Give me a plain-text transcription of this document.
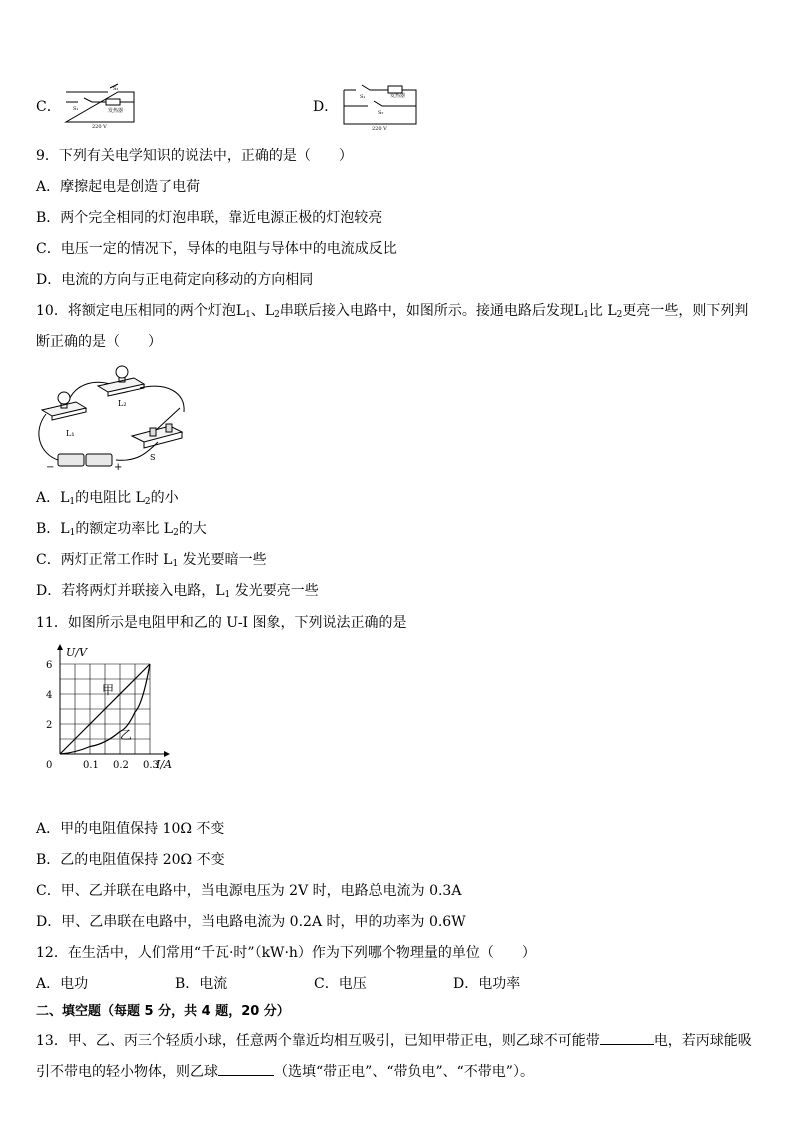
C． S₁
S₂
发热器
220 V
D．
S₁	发热器
S₂
220 V
9．下列有关电学知识的说法中，正确的是（　　）
A．摩擦起电是创造了电荷
B．两个完全相同的灯泡串联，靠近电源正极的灯泡较亮
C．电压一定的情况下，导体的电阻与导体中的电流成反比
D．电流的方向与正电荷定向移动的方向相同
10．将额定电压相同的两个灯泡$L_1$、$L_2$串联后接入电路中，如图所示。接通电路后发现$L_1$比 $L_2$更亮一些，则下列判
断正确的是（　　）
L₁
L₂
S
−	+
A．$L_1$的电阻比 $L_2$的小
B．$L_1$的额定功率比 $L_2$的大
C．两灯正常工作时 $L_1$ 发光要暗一些
D．若将两灯并联接入电路，$L_1$ 发光要亮一些
11．如图所示是电阻甲和乙的 U-I 图象，下列说法正确的是
甲
乙
0.1 0.2 0.3
2
4
6
0	I/A
U/V
A．甲的电阻值保持 10Ω 不变
B．乙的电阻值保持 20Ω 不变
C．甲、乙并联在电路中，当电源电压为 2V 时，电路总电流为 0.3A
D．甲、乙串联在电路中，当电路电流为 0.2A 时，甲的功率为 0.6W
12．在生活中，人们常用“千瓦·时”（kW·h）作为下列哪个物理量的单位（　　）
A．电功	B．电流	C．电压	D．电功率
二、填空题（每题 5 分，共 4 题，20 分）
13．甲、乙、丙三个轻质小球，任意两个靠近均相互吸引，已知甲带正电，则乙球不可能带	电，若丙球能吸
引不带电的轻小物体，则乙球	（选填“带正电”、“带负电”、“不带电”）。
